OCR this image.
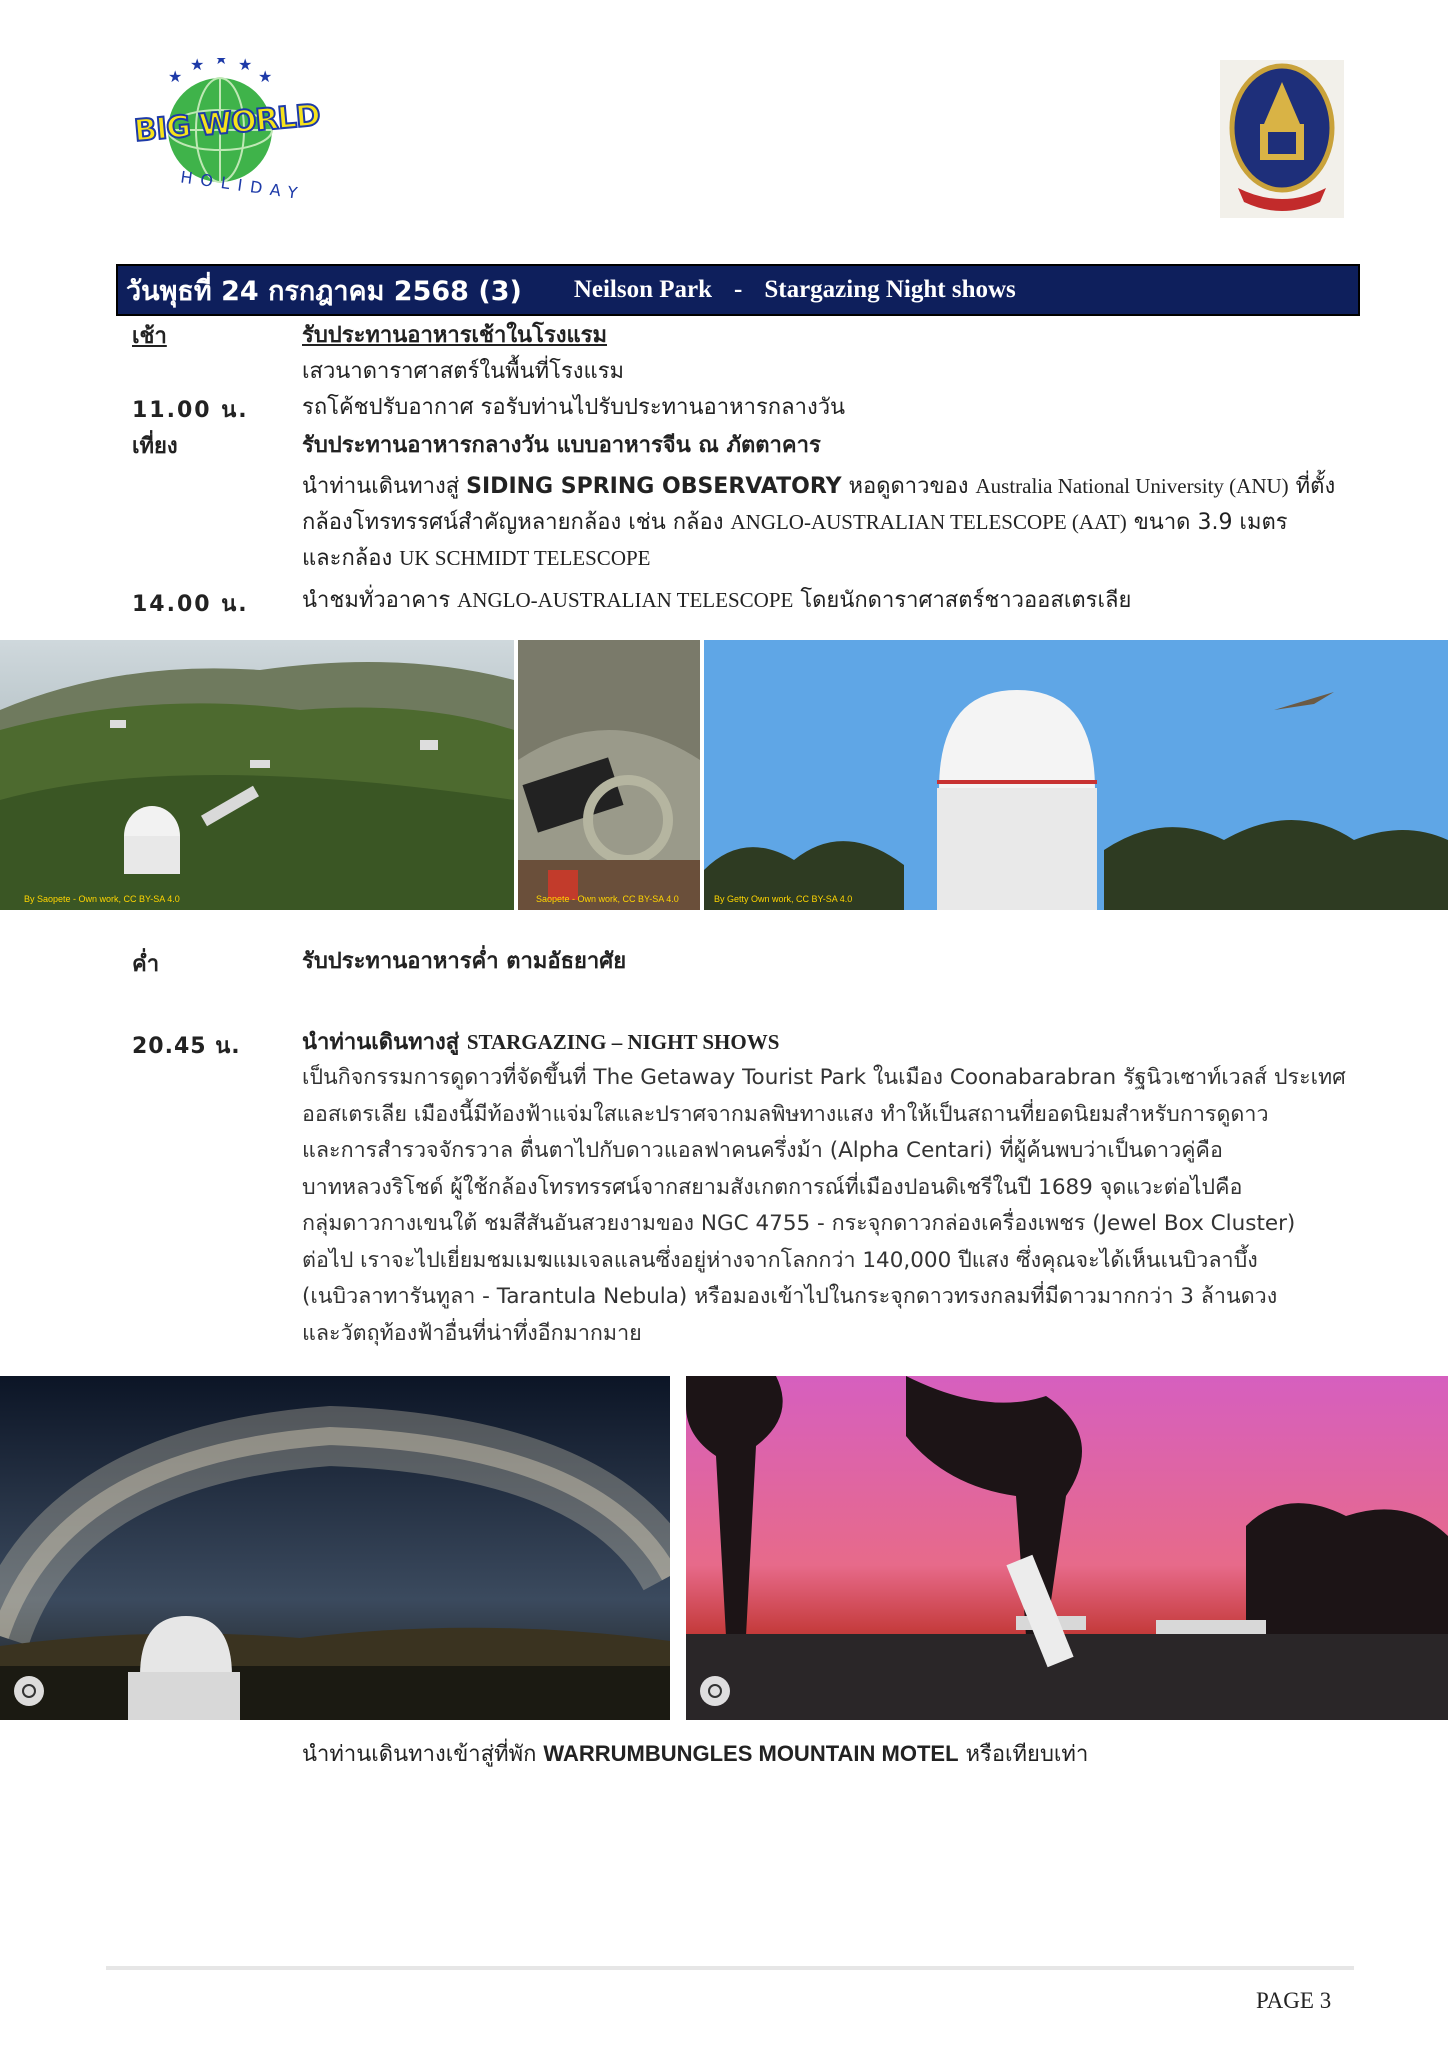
★ ★ ★
★	★
BIG WORLD
HOLIDAY
วันพุธที่ 24 กรกฎาคม 2568 (3) Neilson Park - Stargazing Night shows
เช้า	รับประทานอาหารเช้าในโรงแรม
เสวนาดาราศาสตร์ในพื้นที่โรงแรม
11.00 น. รถโค้ชปรับอากาศ รอรับท่านไปรับประทานอาหารกลางวัน
เที่ยง	รับประทานอาหารกลางวัน แบบอาหารจีน ณ ภัตตาคาร
นำท่านเดินทางสู่ SIDING SPRING OBSERVATORY หอดูดาวของ Australia National University (ANU) ที่ตั้ง
กล้องโทรทรรศน์สำคัญหลายกล้อง เช่น กล้อง ANGLO-AUSTRALIAN TELESCOPE (AAT) ขนาด 3.9 เมตร
และกล้อง UK SCHMIDT TELESCOPE
14.00 น. นำชมทั่วอาคาร ANGLO-AUSTRALIAN TELESCOPE โดยนักดาราศาสตร์ชาวออสเตรเลีย
By Saopete - Own work, CC BY-SA 4.0	Saopete - Own work, CC BY-SA 4.0	By Getty Own work, CC BY-SA 4.0
ค่ำ	รับประทานอาหารค่ำ ตามอัธยาศัย
20.45 น.	นำท่านเดินทางสู่ STARGAZING – NIGHT SHOWS
เป็นกิจกรรมการดูดาวที่จัดขึ้นที่ The Getaway Tourist Park ในเมือง Coonabarabran รัฐนิวเซาท์เวลส์ ประเทศ
ออสเตรเลีย เมืองนี้มีท้องฟ้าแจ่มใสและปราศจากมลพิษทางแสง ทำให้เป็นสถานที่ยอดนิยมสำหรับการดูดาว
และการสำรวจจักรวาล ตื่นตาไปกับดาวแอลฟาคนครึ่งม้า (Alpha Centari) ที่ผู้ค้นพบว่าเป็นดาวคู่คือ
บาทหลวงริโชด์ ผู้ใช้กล้องโทรทรรศน์จากสยามสังเกตการณ์ที่เมืองปอนดิเชรีในปี 1689 จุดแวะต่อไปคือ
กลุ่มดาวกางเขนใต้ ชมสีสันอันสวยงามของ NGC 4755 - กระจุกดาวกล่องเครื่องเพชร (Jewel Box Cluster)
ต่อไป เราจะไปเยี่ยมชมเมฆแมเจลแลนซึ่งอยู่ห่างจากโลกกว่า 140,000 ปีแสง ซึ่งคุณจะได้เห็นเนบิวลาบึ้ง
(เนบิวลาทารันทูลา - Tarantula Nebula) หรือมองเข้าไปในกระจุกดาวทรงกลมที่มีดาวมากกว่า 3 ล้านดวง
และวัตถุท้องฟ้าอื่นที่น่าทึ่งอีกมากมาย
นำท่านเดินทางเข้าสู่ที่พัก WARRUMBUNGLES MOUNTAIN MOTEL หรือเทียบเท่า
PAGE 3
